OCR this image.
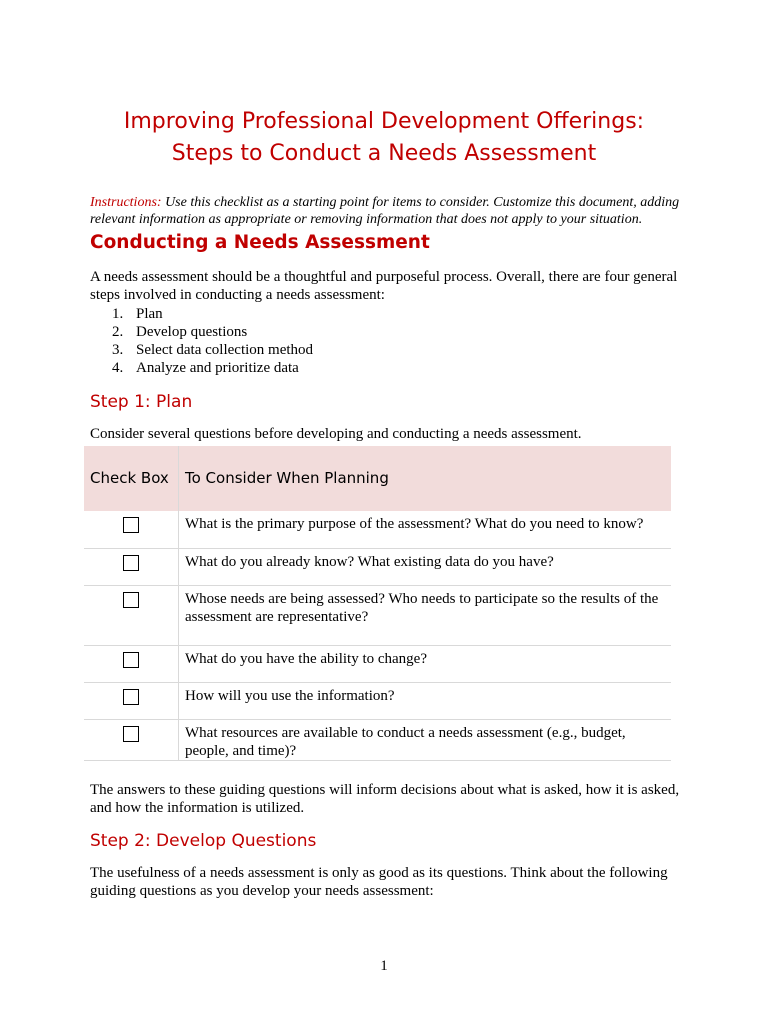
Improving Professional Development Offerings:
Steps to Conduct a Needs Assessment

Instructions: Use this checklist as a starting point for items to consider. Customize this document, adding relevant information as appropriate or removing information that does not apply to your situation.

Conducting a Needs Assessment

A needs assessment should be a thoughtful and purposeful process. Overall, there are four general steps involved in conducting a needs assessment:

1. Plan
2. Develop questions
3. Select data collection method
4. Analyze and prioritize data
Step 1: Plan

Consider several questions before developing and conducting a needs assessment.

Check Box	To Consider When Planning
	What is the primary purpose of the assessment? What do you need to know?
	What do you already know? What existing data do you have?
	Whose needs are being assessed? Who needs to participate so the results of the assessment are representative?
	What do you have the ability to change?
	How will you use the information?
	What resources are available to conduct a needs assessment (e.g., budget, people, and time)?

The answers to these guiding questions will inform decisions about what is asked, how it is asked, and how the information is utilized.

Step 2: Develop Questions

The usefulness of a needs assessment is only as good as its questions. Think about the following guiding questions as you develop your needs assessment:

1
